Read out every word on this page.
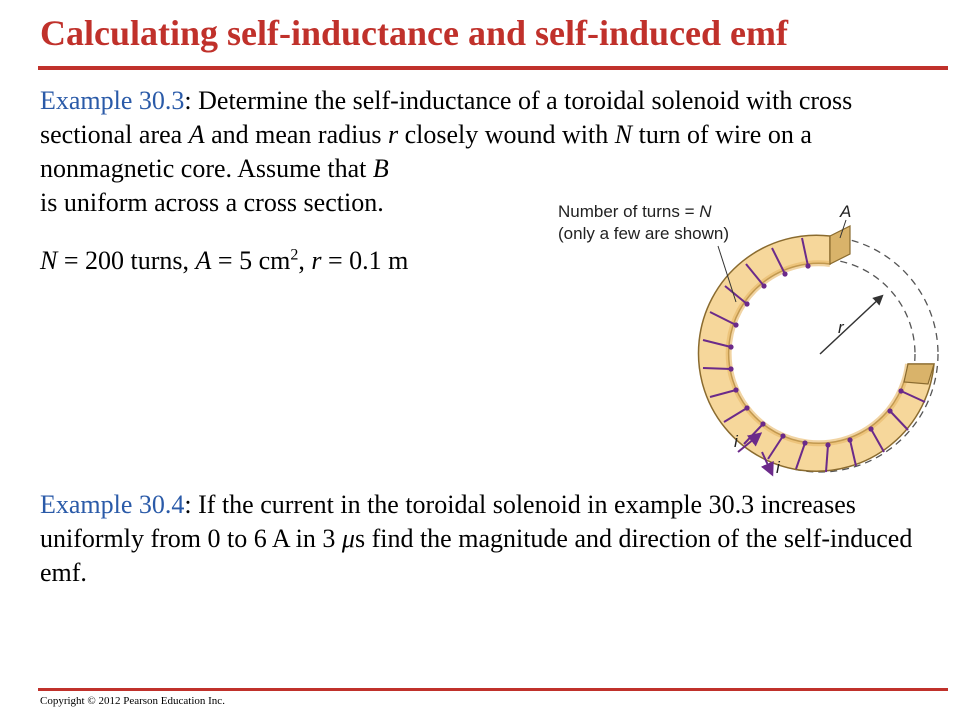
Calculating self-inductance and self-induced emf

Example 30.3: Determine the self-inductance of a toroidal solenoid with cross sectional area A and mean radius r closely wound with N turn of wire on a nonmagnetic core. Assume that B
is uniform across a cross section.

N = 200 turns, A = 5 $cm^2$, r = 0.1 m

Number of turns = N
(only a few are shown)
A
r
i
i

Example 30.4: If the current in the toroidal solenoid in example 30.3 increases uniformly from 0 to 6 A in 3 μs find the magnitude and direction of the self-induced emf.

Copyright © 2012 Pearson Education Inc.
